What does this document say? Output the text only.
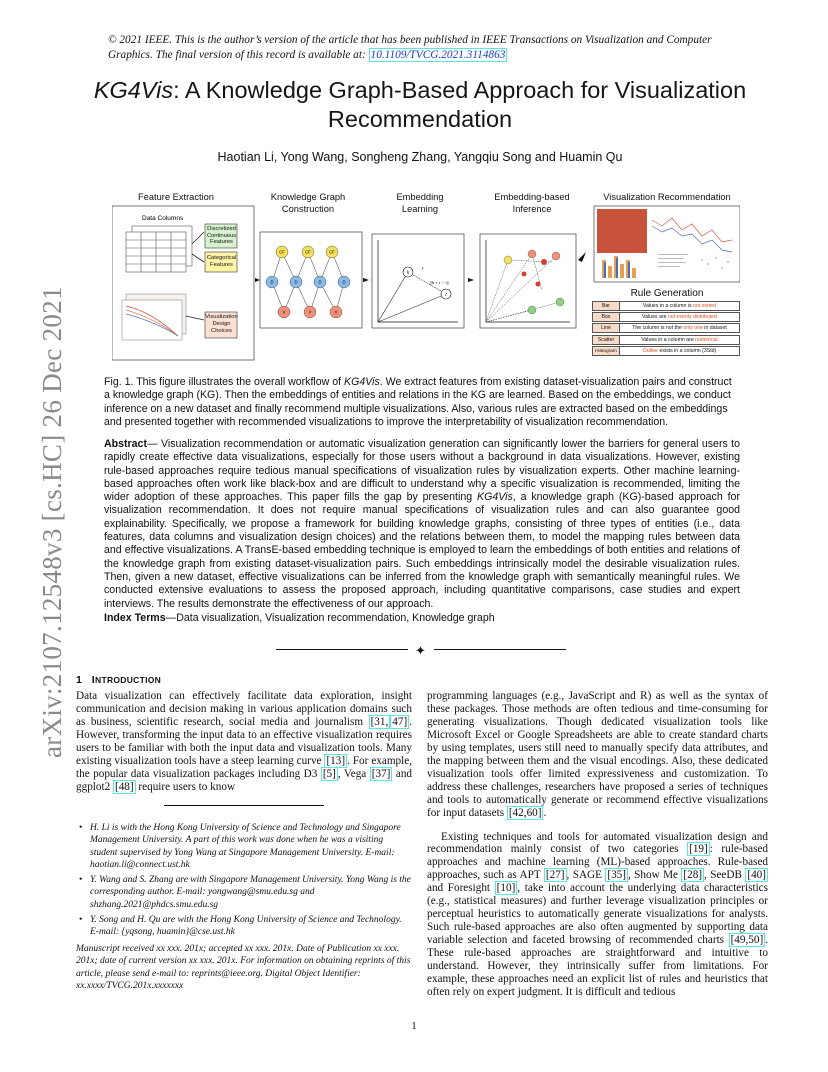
© 2021 IEEE. This is the author’s version of the article that has been published in IEEE Transactions on Visualization and Computer Graphics. The final version of this record is available at: 10.1109/TVCG.2021.3114863
arXiv:2107.12548v3 [cs.HC] 26 Dec 2021
KG4Vis: A Knowledge Graph-Based Approach for Visualization Recommendation
Haotian Li, Yong Wang, Songheng Zhang, Yangqiu Song and Huamin Qu
Feature Extraction	Knowledge Graph Construction
Embedding Learning
Embedding-based Inference
Visualization Recommendation
Data Columns
CF	CF	CF
D	D	D	D
V	V	V
h
t
r
||h + r − t||
Discretized Continuous Features
Categorical Features
Visualization Design Choices
Rule Generation
Bar	Values in a column is not sorted
Box	Values are not evenly distributed
Line	The column is not the only one in dataset
Scatter	Values in a column are numerical
Histogram	Outlier exists in a column (3Std)
Fig. 1. This figure illustrates the overall workflow of KG4Vis. We extract features from existing dataset-visualization pairs and construct a knowledge graph (KG). Then the embeddings of entities and relations in the KG are learned. Based on the embeddings, we conduct inference on a new dataset and finally recommend multiple visualizations. Also, various rules are extracted based on the embeddings and presented together with recommended visualizations to improve the interpretability of visualization recommendation.
Abstract— Visualization recommendation or automatic visualization generation can significantly lower the barriers for general users to rapidly create effective data visualizations, especially for those users without a background in data visualizations. However, existing rule-based approaches require tedious manual specifications of visualization rules by visualization experts. Other machine learning-based approaches often work like black-box and are difficult to understand why a specific visualization is recommended, limiting the wider adoption of these approaches. This paper fills the gap by presenting KG4Vis, a knowledge graph (KG)-based approach for visualization recommendation. It does not require manual specifications of visualization rules and can also guarantee good explainability. Specifically, we propose a framework for building knowledge graphs, consisting of three types of entities (i.e., data features, data columns and visualization design choices) and the relations between them, to model the mapping rules between data and effective visualizations. A TransE-based embedding technique is employed to learn the embeddings of both entities and relations of the knowledge graph from existing dataset-visualization pairs. Such embeddings intrinsically model the desirable visualization rules. Then, given a new dataset, effective visualizations can be inferred from the knowledge graph with semantically meaningful rules. We conducted extensive evaluations to assess the proposed approach, including quantitative comparisons, case studies and expert interviews. The results demonstrate the effectiveness of our approach.
Index Terms—Data visualization, Visualization recommendation, Knowledge graph
✦
1 INTRODUCTION
Data visualization can effectively facilitate data exploration, insight communication and decision making in various application domains such as business, scientific research, social media and journalism [31, 47] . However, transforming the input data to an effective visualization requires users to be familiar with both the input data and visualization tools. Many existing visualization tools have a steep learning curve [13] . For example, the popular data visualization packages including D3 [5] , Vega [37] and ggplot2 [48] require users to know
• H. Li is with the Hong Kong University of Science and Technology and Singapore Management University. A part of this work was done when he was a visiting student supervised by Yong Wang at Singapore Management University. E-mail: haotian.li@connect.ust.hk
• Y. Wang and S. Zhang are with Singapore Management University. Yong Wang is the corresponding author. E-mail: yongwang@smu.edu.sg and shzhang.2021@phdcs.smu.edu.sg
• Y. Song and H. Qu are with the Hong Kong University of Science and Technology. E-mail: {yqsong, huamin}@cse.ust.hk
Manuscript received xx xxx. 201x; accepted xx xxx. 201x. Date of Publication xx xxx. 201x; date of current version xx xxx. 201x. For information on obtaining reprints of this article, please send e-mail to: reprints@ieee.org. Digital Object Identifier: xx.xxxx/TVCG.201x.xxxxxxx

programming languages (e.g., JavaScript and R) as well as the syntax of these packages. Those methods are often tedious and time-consuming for generating visualizations. Though dedicated visualization tools like Microsoft Excel or Google Spreadsheets are able to create standard charts by using templates, users still need to manually specify data attributes, and the mapping between them and the visual encodings. Also, these dedicated visualization tools offer limited expressiveness and customization. To address these challenges, researchers have proposed a series of techniques and tools to automatically generate or recommend effective visualizations for input datasets [42,60] .

Existing techniques and tools for automated visualization design and recommendation mainly consist of two categories [19] : rule-based approaches and machine learning (ML)-based approaches. Rule-based approaches, such as APT [27] , SAGE [35] , Show Me [28] , SeeDB [40] and Foresight [10] , take into account the underlying data characteristics (e.g., statistical measures) and further leverage visualization principles or perceptual heuristics to automatically generate visualizations for analysts. Such rule-based approaches are also often augmented by supporting data variable selection and faceted browsing of recommended charts [49,50] . These rule-based approaches are straightforward and intuitive to understand. However, they intrinsically suffer from limitations. For example, these approaches need an explicit list of rules and heuristics that often rely on expert judgment. It is difficult and tedious

1
